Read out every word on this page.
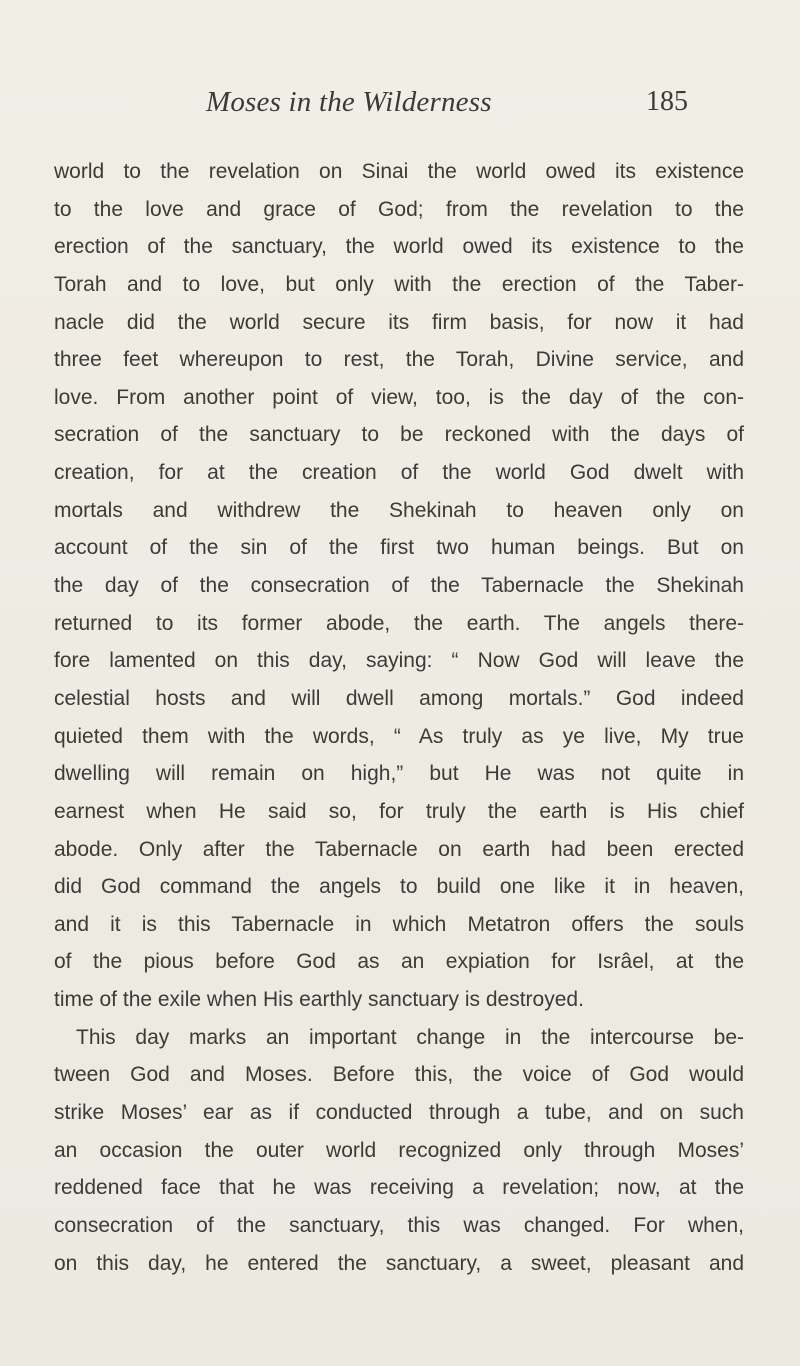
Moses in the Wilderness	185
world to the revelation on Sinai the world owed its existence
to the love and grace of God; from the revelation to the
erection of the sanctuary, the world owed its existence to the
Torah and to love, but only with the erection of the Taber-
nacle did the world secure its firm basis, for now it had
three feet whereupon to rest, the Torah, Divine service, and
love. From another point of view, too, is the day of the con-
secration of the sanctuary to be reckoned with the days of
creation, for at the creation of the world God dwelt with
mortals and withdrew the Shekinah to heaven only on
account of the sin of the first two human beings. But on
the day of the consecration of the Tabernacle the Shekinah
returned to its former abode, the earth. The angels there-
fore lamented on this day, saying: “ Now God will leave the
celestial hosts and will dwell among mortals.” God indeed
quieted them with the words, “ As truly as ye live, My true
dwelling will remain on high,” but He was not quite in
earnest when He said so, for truly the earth is His chief
abode. Only after the Tabernacle on earth had been erected
did God command the angels to build one like it in heaven,
and it is this Tabernacle in which Metatron offers the souls
of the pious before God as an expiation for Isrâel, at the
time of the exile when His earthly sanctuary is destroyed.
This day marks an important change in the intercourse be-
tween God and Moses. Before this, the voice of God would
strike Moses’ ear as if conducted through a tube, and on such
an occasion the outer world recognized only through Moses’
reddened face that he was receiving a revelation; now, at the
consecration of the sanctuary, this was changed. For when,
on this day, he entered the sanctuary, a sweet, pleasant and
